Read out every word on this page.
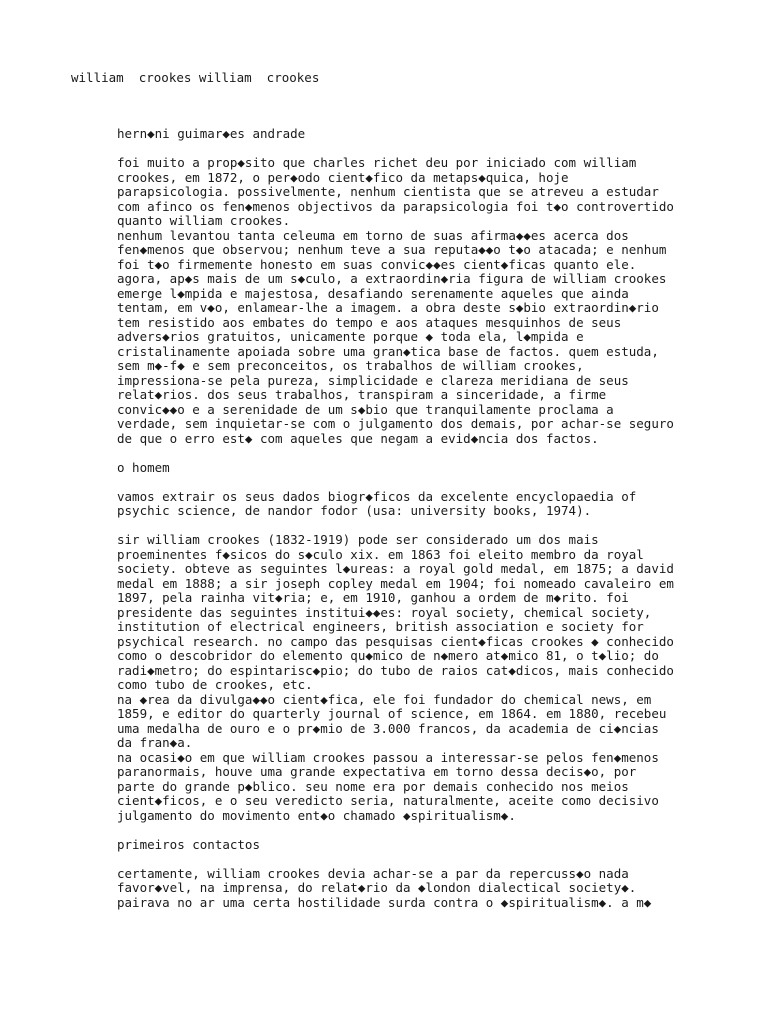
william  crookes william  crookes
hern◆ni guimar◆es andrade
foi muito a prop◆sito que charles richet deu por iniciado com william
crookes, em 1872, o per◆odo cient◆fico da metaps◆quica, hoje
parapsicologia. possivelmente, nenhum cientista que se atreveu a estudar
com afinco os fen◆menos objectivos da parapsicologia foi t◆o controvertido
quanto william crookes.
nenhum levantou tanta celeuma em torno de suas afirma◆◆es acerca dos
fen◆menos que observou; nenhum teve a sua reputa◆◆o t◆o atacada; e nenhum
foi t◆o firmemente honesto em suas convic◆◆es cient◆ficas quanto ele.
agora, ap◆s mais de um s◆culo, a extraordin◆ria figura de william crookes
emerge l◆mpida e majestosa, desafiando serenamente aqueles que ainda
tentam, em v◆o, enlamear-lhe a imagem. a obra deste s◆bio extraordin◆rio
tem resistido aos embates do tempo e aos ataques mesquinhos de seus
advers◆rios gratuitos, unicamente porque ◆ toda ela, l◆mpida e
cristalinamente apoiada sobre uma gran◆tica base de factos. quem estuda,
sem m◆-f◆ e sem preconceitos, os trabalhos de william crookes,
impressiona-se pela pureza, simplicidade e clareza meridiana de seus
relat◆rios. dos seus trabalhos, transpiram a sinceridade, a firme
convic◆◆o e a serenidade de um s◆bio que tranquilamente proclama a
verdade, sem inquietar-se com o julgamento dos demais, por achar-se seguro
de que o erro est◆ com aqueles que negam a evid◆ncia dos factos.
o homem
vamos extrair os seus dados biogr◆ficos da excelente encyclopaedia of
psychic science, de nandor fodor (usa: university books, 1974).
sir william crookes (1832-1919) pode ser considerado um dos mais
proeminentes f◆sicos do s◆culo xix. em 1863 foi eleito membro da royal
society. obteve as seguintes l◆ureas: a royal gold medal, em 1875; a david
medal em 1888; a sir joseph copley medal em 1904; foi nomeado cavaleiro em
1897, pela rainha vit◆ria; e, em 1910, ganhou a ordem de m◆rito. foi
presidente das seguintes institui◆◆es: royal society, chemical society,
institution of electrical engineers, british association e society for
psychical research. no campo das pesquisas cient◆ficas crookes ◆ conhecido
como o descobridor do elemento qu◆mico de n◆mero at◆mico 81, o t◆lio; do
radi◆metro; do espintarisc◆pio; do tubo de raios cat◆dicos, mais conhecido
como tubo de crookes, etc.
na ◆rea da divulga◆◆o cient◆fica, ele foi fundador do chemical news, em
1859, e editor do quarterly journal of science, em 1864. em 1880, recebeu
uma medalha de ouro e o pr◆mio de 3.000 francos, da academia de ci◆ncias
da fran◆a.
na ocasi◆o em que william crookes passou a interessar-se pelos fen◆menos
paranormais, houve uma grande expectativa em torno dessa decis◆o, por
parte do grande p◆blico. seu nome era por demais conhecido nos meios
cient◆ficos, e o seu veredicto seria, naturalmente, aceite como decisivo
julgamento do movimento ent◆o chamado ◆spiritualism◆.
primeiros contactos
certamente, william crookes devia achar-se a par da repercuss◆o nada
favor◆vel, na imprensa, do relat◆rio da ◆london dialectical society◆.
pairava no ar uma certa hostilidade surda contra o ◆spiritualism◆. a m◆
